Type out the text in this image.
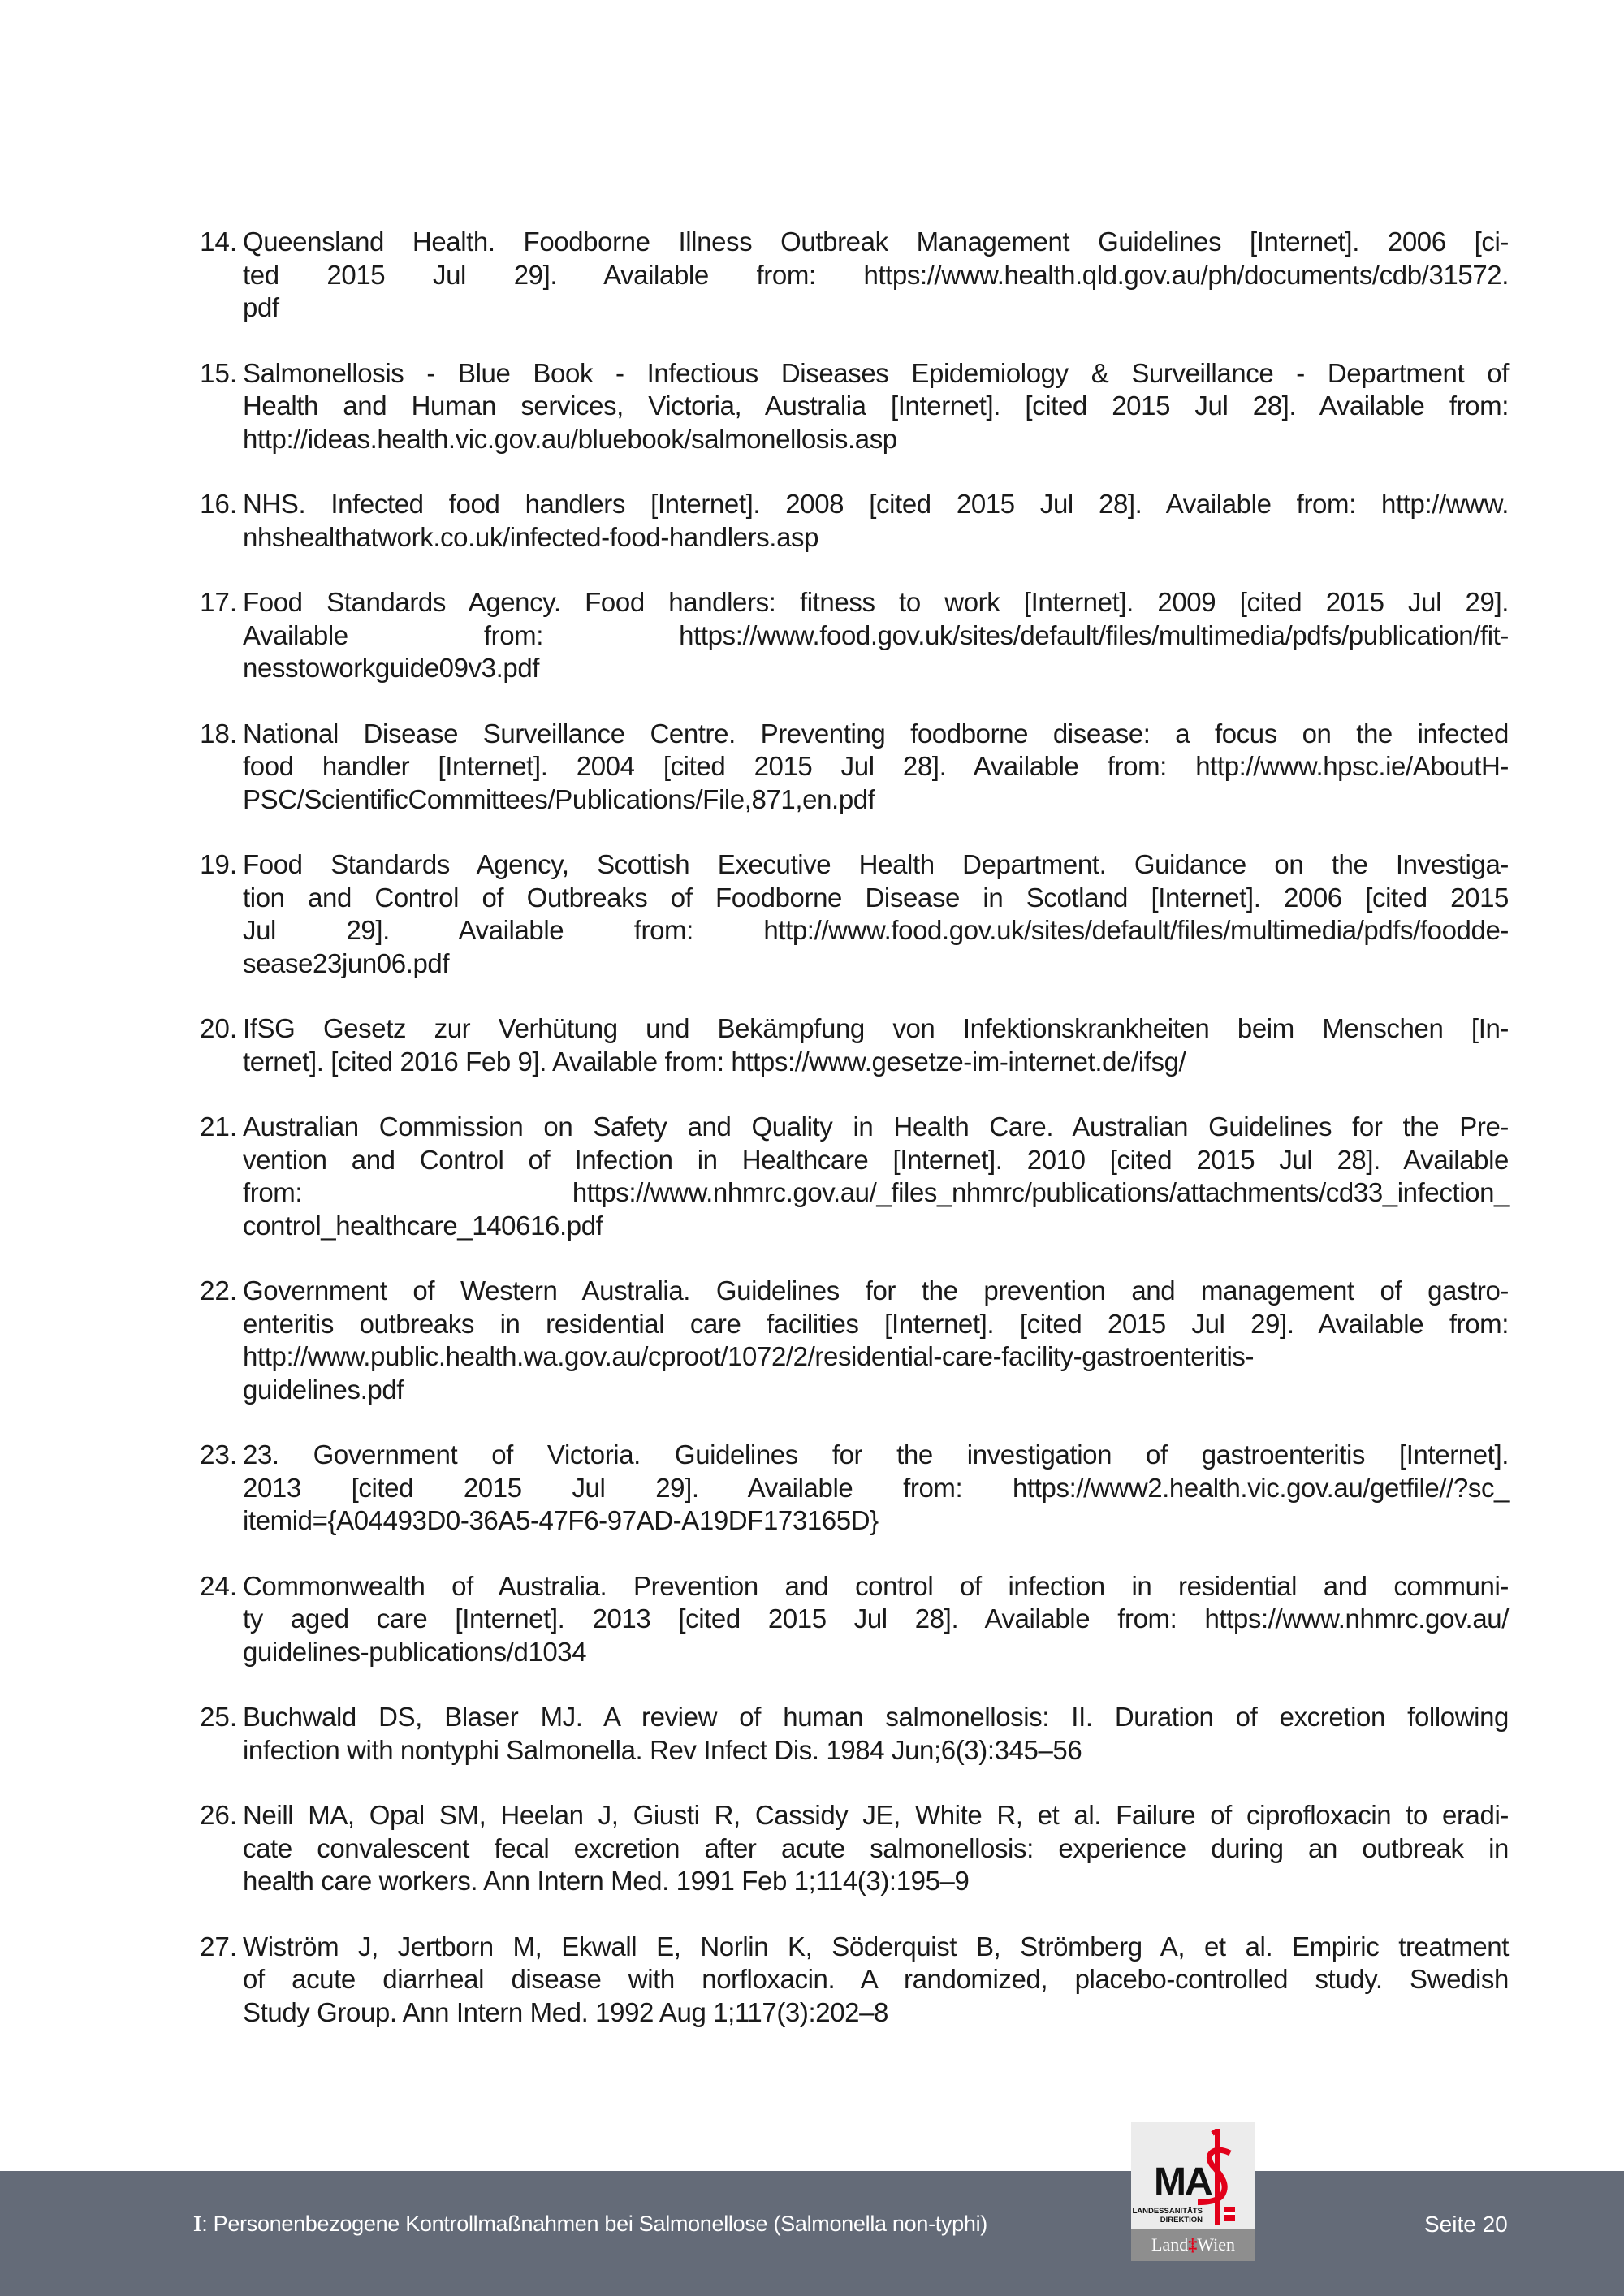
14. Queensland Health. Foodborne Illness Outbreak Management Guidelines [Internet]. 2006 [ci-
ted 2015 Jul 29]. Available from: https://www.health.qld.gov.au/ph/documents/cdb/31572.
pdf
15. Salmonellosis - Blue Book - Infectious Diseases Epidemiology & Surveillance - Department of
Health and Human services, Victoria, Australia [Internet]. [cited 2015 Jul 28]. Available from:
http://ideas.health.vic.gov.au/bluebook/salmonellosis.asp
16. NHS. Infected food handlers [Internet]. 2008 [cited 2015 Jul 28]. Available from: http://www.
nhshealthatwork.co.uk/infected-food-handlers.asp
17. Food Standards Agency. Food handlers: fitness to work [Internet]. 2009 [cited 2015 Jul 29].
Available from: https://www.food.gov.uk/sites/default/files/multimedia/pdfs/publication/fit-
nesstoworkguide09v3.pdf
18. National Disease Surveillance Centre. Preventing foodborne disease: a focus on the infected
food handler [Internet]. 2004 [cited 2015 Jul 28]. Available from: http://www.hpsc.ie/AboutH-
PSC/ScientificCommittees/Publications/File,871,en.pdf
19. Food Standards Agency, Scottish Executive Health Department. Guidance on the Investiga-
tion and Control of Outbreaks of Foodborne Disease in Scotland [Internet]. 2006 [cited 2015
Jul 29]. Available from: http://www.food.gov.uk/sites/default/files/multimedia/pdfs/foodde-
sease23jun06.pdf
20. IfSG Gesetz zur Verhütung und Bekämpfung von Infektionskrankheiten beim Menschen [In-
ternet]. [cited 2016 Feb 9]. Available from: https://www.gesetze-im-internet.de/ifsg/
21. Australian Commission on Safety and Quality in Health Care. Australian Guidelines for the Pre-
vention and Control of Infection in Healthcare [Internet]. 2010 [cited 2015 Jul 28]. Available
from: https://www.nhmrc.gov.au/_files_nhmrc/publications/attachments/cd33_infection_
control_healthcare_140616.pdf
22. Government of Western Australia. Guidelines for the prevention and management of gastro-
enteritis outbreaks in residential care facilities [Internet]. [cited 2015 Jul 29]. Available from:
http://www.public.health.wa.gov.au/cproot/1072/2/residential-care-facility-gastroenteritis-
guidelines.pdf
23. 23. Government of Victoria. Guidelines for the investigation of gastroenteritis [Internet].
2013 [cited 2015 Jul 29]. Available from: https://www2.health.vic.gov.au/getfile//?sc_
itemid={A04493D0-36A5-47F6-97AD-A19DF173165D}
24. Commonwealth of Australia. Prevention and control of infection in residential and communi-
ty aged care [Internet]. 2013 [cited 2015 Jul 28]. Available from: https://www.nhmrc.gov.au/
guidelines-publications/d1034
25. Buchwald DS, Blaser MJ. A review of human salmonellosis: II. Duration of excretion following
infection with nontyphi Salmonella. Rev Infect Dis. 1984 Jun;6(3):345–56
26. Neill MA, Opal SM, Heelan J, Giusti R, Cassidy JE, White R, et al. Failure of ciprofloxacin to eradi-
cate convalescent fecal excretion after acute salmonellosis: experience during an outbreak in
health care workers. Ann Intern Med. 1991 Feb 1;114(3):195–9
27. Wiström J, Jertborn M, Ekwall E, Norlin K, Söderquist B, Strömberg A, et al. Empiric treatment
of acute diarrheal disease with norfloxacin. A randomized, placebo-controlled study. Swedish
Study Group. Ann Intern Med. 1992 Aug 1;117(3):202–8
I: Personenbezogene Kontrollmaßnahmen bei Salmonellose (Salmonella non-typhi)	Seite 20
MA
LANDESSANITÄTS
DIREKTION
Land‡Wien
